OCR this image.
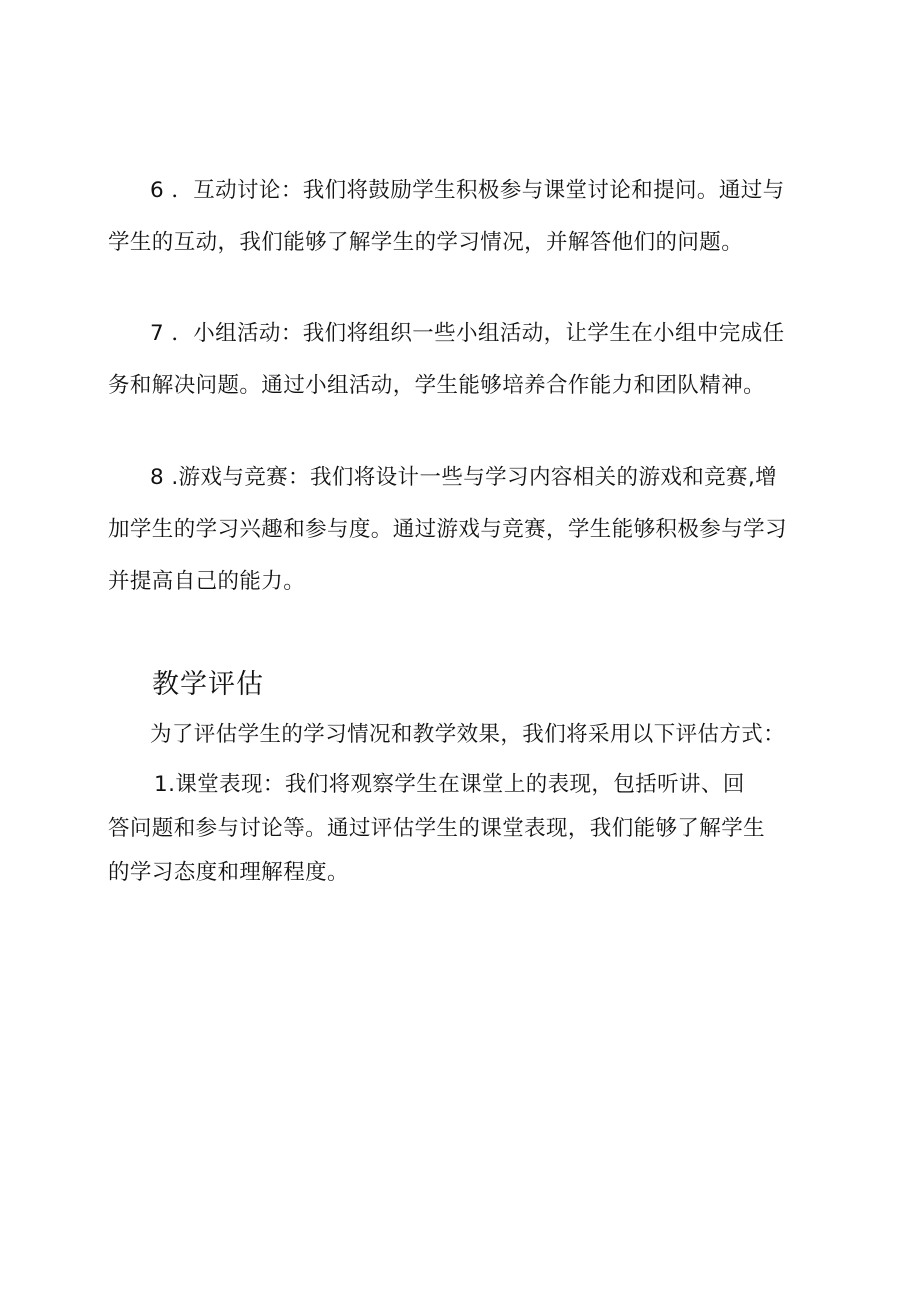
6 ．互动讨论：我们将鼓励学生积极参与课堂讨论和提问。通过与
学生的互动，我们能够了解学生的学习情况，并解答他们的问题。

7 ．小组活动：我们将组织一些小组活动，让学生在小组中完成任
务和解决问题。通过小组活动，学生能够培养合作能力和团队精神。

8 .游戏与竞赛：我们将设计一些与学习内容相关的游戏和竞赛,增
加学生的学习兴趣和参与度。通过游戏与竞赛，学生能够积极参与学习
并提高自己的能力。

教学评估

为了评估学生的学习情况和教学效果，我们将采用以下评估方式：

1.课堂表现：我们将观察学生在课堂上的表现，包括听讲、回
答问题和参与讨论等。通过评估学生的课堂表现，我们能够了解学生
的学习态度和理解程度。
